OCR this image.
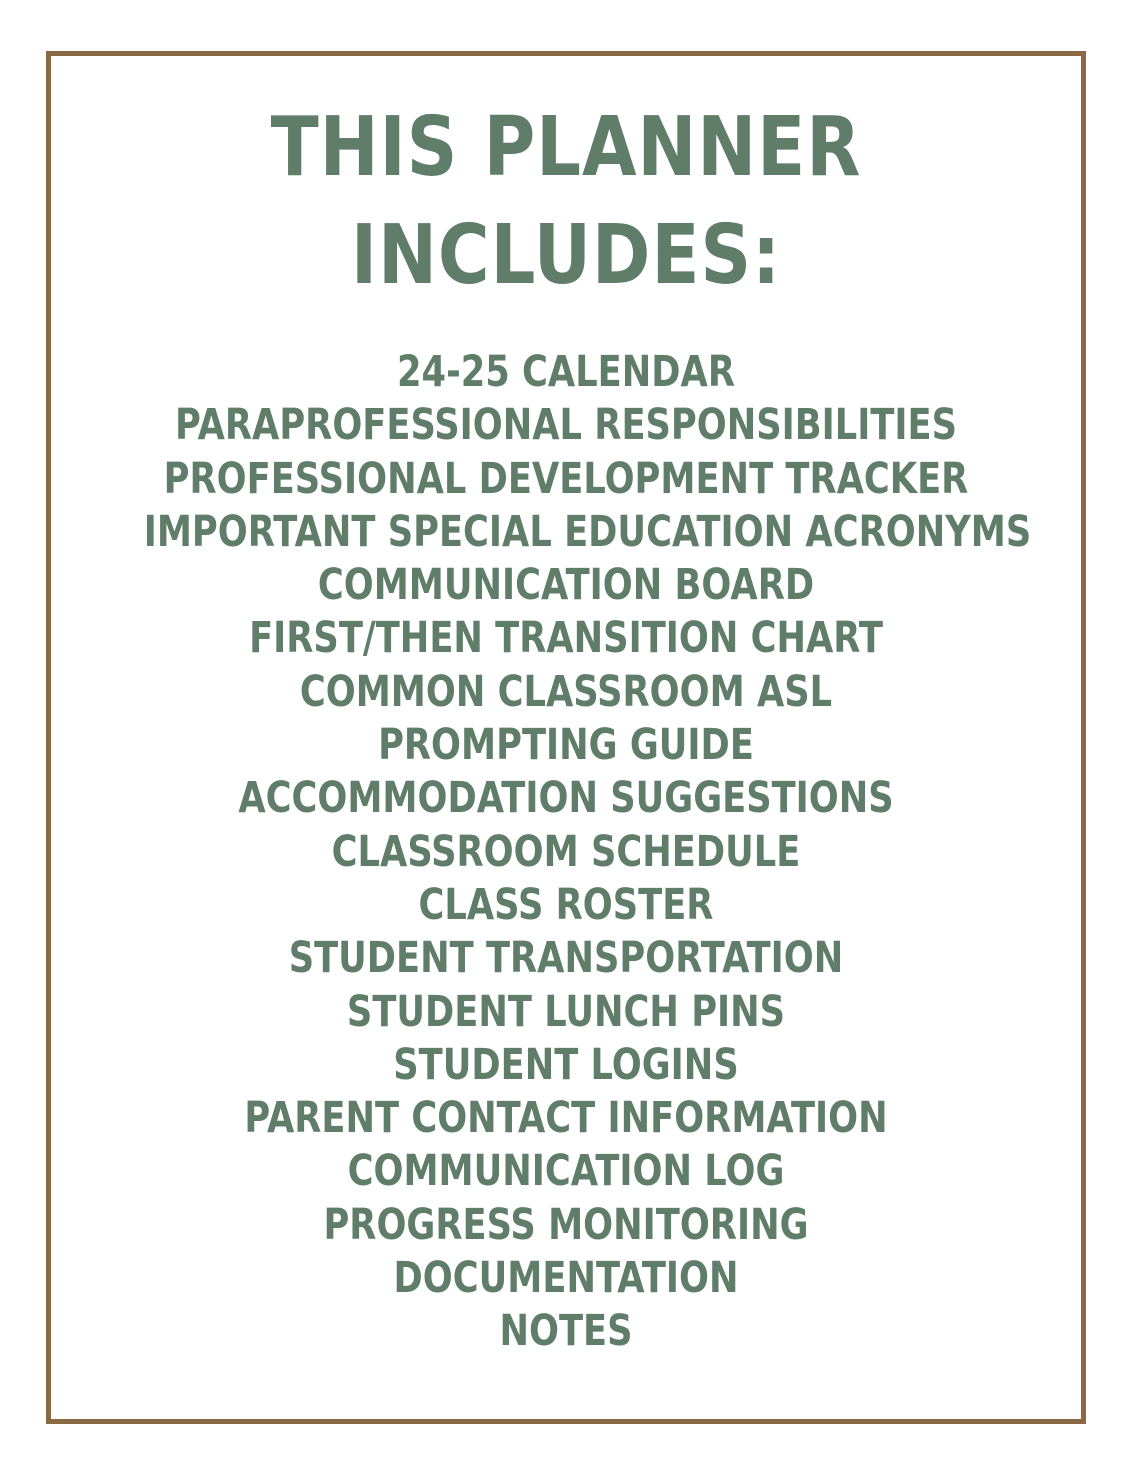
THIS PLANNER
INCLUDES:
24-25 CALENDAR
PARAPROFESSIONAL RESPONSIBILITIES
PROFESSIONAL DEVELOPMENT TRACKER
IMPORTANT SPECIAL EDUCATION ACRONYMS
COMMUNICATION BOARD
FIRST/THEN TRANSITION CHART
COMMON CLASSROOM ASL
PROMPTING GUIDE
ACCOMMODATION SUGGESTIONS
CLASSROOM SCHEDULE
CLASS ROSTER
STUDENT TRANSPORTATION
STUDENT LUNCH PINS
STUDENT LOGINS
PARENT CONTACT INFORMATION
COMMUNICATION LOG
PROGRESS MONITORING
DOCUMENTATION
NOTES
